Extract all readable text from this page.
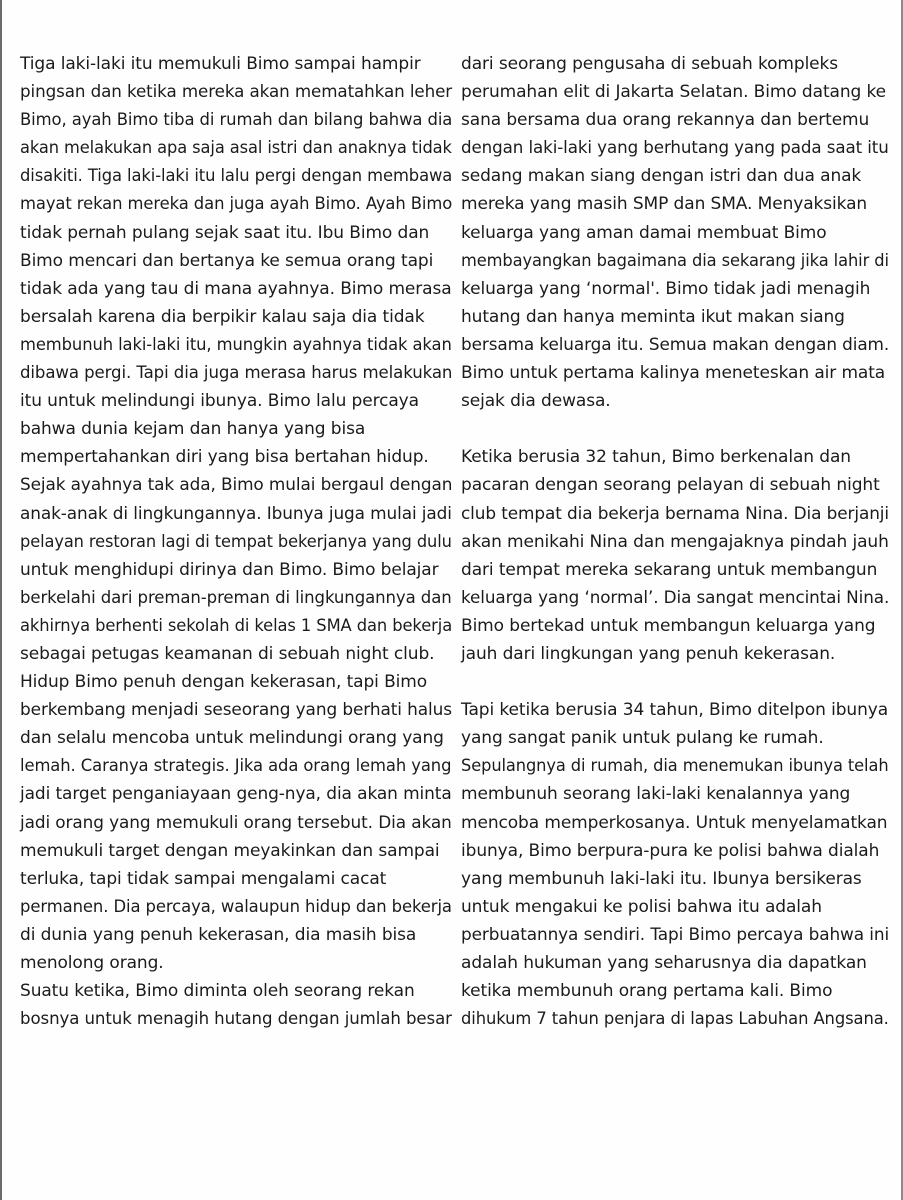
Tiga laki-laki itu memukuli Bimo sampai hampir
pingsan dan ketika mereka akan mematahkan leher
Bimo, ayah Bimo tiba di rumah dan bilang bahwa dia
akan melakukan apa saja asal istri dan anaknya tidak
disakiti. Tiga laki-laki itu lalu pergi dengan membawa
mayat rekan mereka dan juga ayah Bimo. Ayah Bimo
tidak pernah pulang sejak saat itu. Ibu Bimo dan
Bimo mencari dan bertanya ke semua orang tapi
tidak ada yang tau di mana ayahnya. Bimo merasa
bersalah karena dia berpikir kalau saja dia tidak
membunuh laki-laki itu, mungkin ayahnya tidak akan
dibawa pergi. Tapi dia juga merasa harus melakukan
itu untuk melindungi ibunya. Bimo lalu percaya
bahwa dunia kejam dan hanya yang bisa
mempertahankan diri yang bisa bertahan hidup.
Sejak ayahnya tak ada, Bimo mulai bergaul dengan
anak-anak di lingkungannya. Ibunya juga mulai jadi
pelayan restoran lagi di tempat bekerjanya yang dulu
untuk menghidupi dirinya dan Bimo. Bimo belajar
berkelahi dari preman-preman di lingkungannya dan
akhirnya berhenti sekolah di kelas 1 SMA dan bekerja
sebagai petugas keamanan di sebuah night club.
Hidup Bimo penuh dengan kekerasan, tapi Bimo
berkembang menjadi seseorang yang berhati halus
dan selalu mencoba untuk melindungi orang yang
lemah. Caranya strategis. Jika ada orang lemah yang
jadi target penganiayaan geng-nya, dia akan minta
jadi orang yang memukuli orang tersebut. Dia akan
memukuli target dengan meyakinkan dan sampai
terluka, tapi tidak sampai mengalami cacat
permanen. Dia percaya, walaupun hidup dan bekerja
di dunia yang penuh kekerasan, dia masih bisa
menolong orang.
Suatu ketika, Bimo diminta oleh seorang rekan
bosnya untuk menagih hutang dengan jumlah besar
dari seorang pengusaha di sebuah kompleks
perumahan elit di Jakarta Selatan. Bimo datang ke
sana bersama dua orang rekannya dan bertemu
dengan laki-laki yang berhutang yang pada saat itu
sedang makan siang dengan istri dan dua anak
mereka yang masih SMP dan SMA. Menyaksikan
keluarga yang aman damai membuat Bimo
membayangkan bagaimana dia sekarang jika lahir di
keluarga yang ‘normal'. Bimo tidak jadi menagih
hutang dan hanya meminta ikut makan siang
bersama keluarga itu. Semua makan dengan diam.
Bimo untuk pertama kalinya meneteskan air mata
sejak dia dewasa.
Ketika berusia 32 tahun, Bimo berkenalan dan
pacaran dengan seorang pelayan di sebuah night
club tempat dia bekerja bernama Nina. Dia berjanji
akan menikahi Nina dan mengajaknya pindah jauh
dari tempat mereka sekarang untuk membangun
keluarga yang ‘normal’. Dia sangat mencintai Nina.
Bimo bertekad untuk membangun keluarga yang
jauh dari lingkungan yang penuh kekerasan.
Tapi ketika berusia 34 tahun, Bimo ditelpon ibunya
yang sangat panik untuk pulang ke rumah.
Sepulangnya di rumah, dia menemukan ibunya telah
membunuh seorang laki-laki kenalannya yang
mencoba memperkosanya. Untuk menyelamatkan
ibunya, Bimo berpura-pura ke polisi bahwa dialah
yang membunuh laki-laki itu. Ibunya bersikeras
untuk mengakui ke polisi bahwa itu adalah
perbuatannya sendiri. Tapi Bimo percaya bahwa ini
adalah hukuman yang seharusnya dia dapatkan
ketika membunuh orang pertama kali. Bimo
dihukum 7 tahun penjara di lapas Labuhan Angsana.
